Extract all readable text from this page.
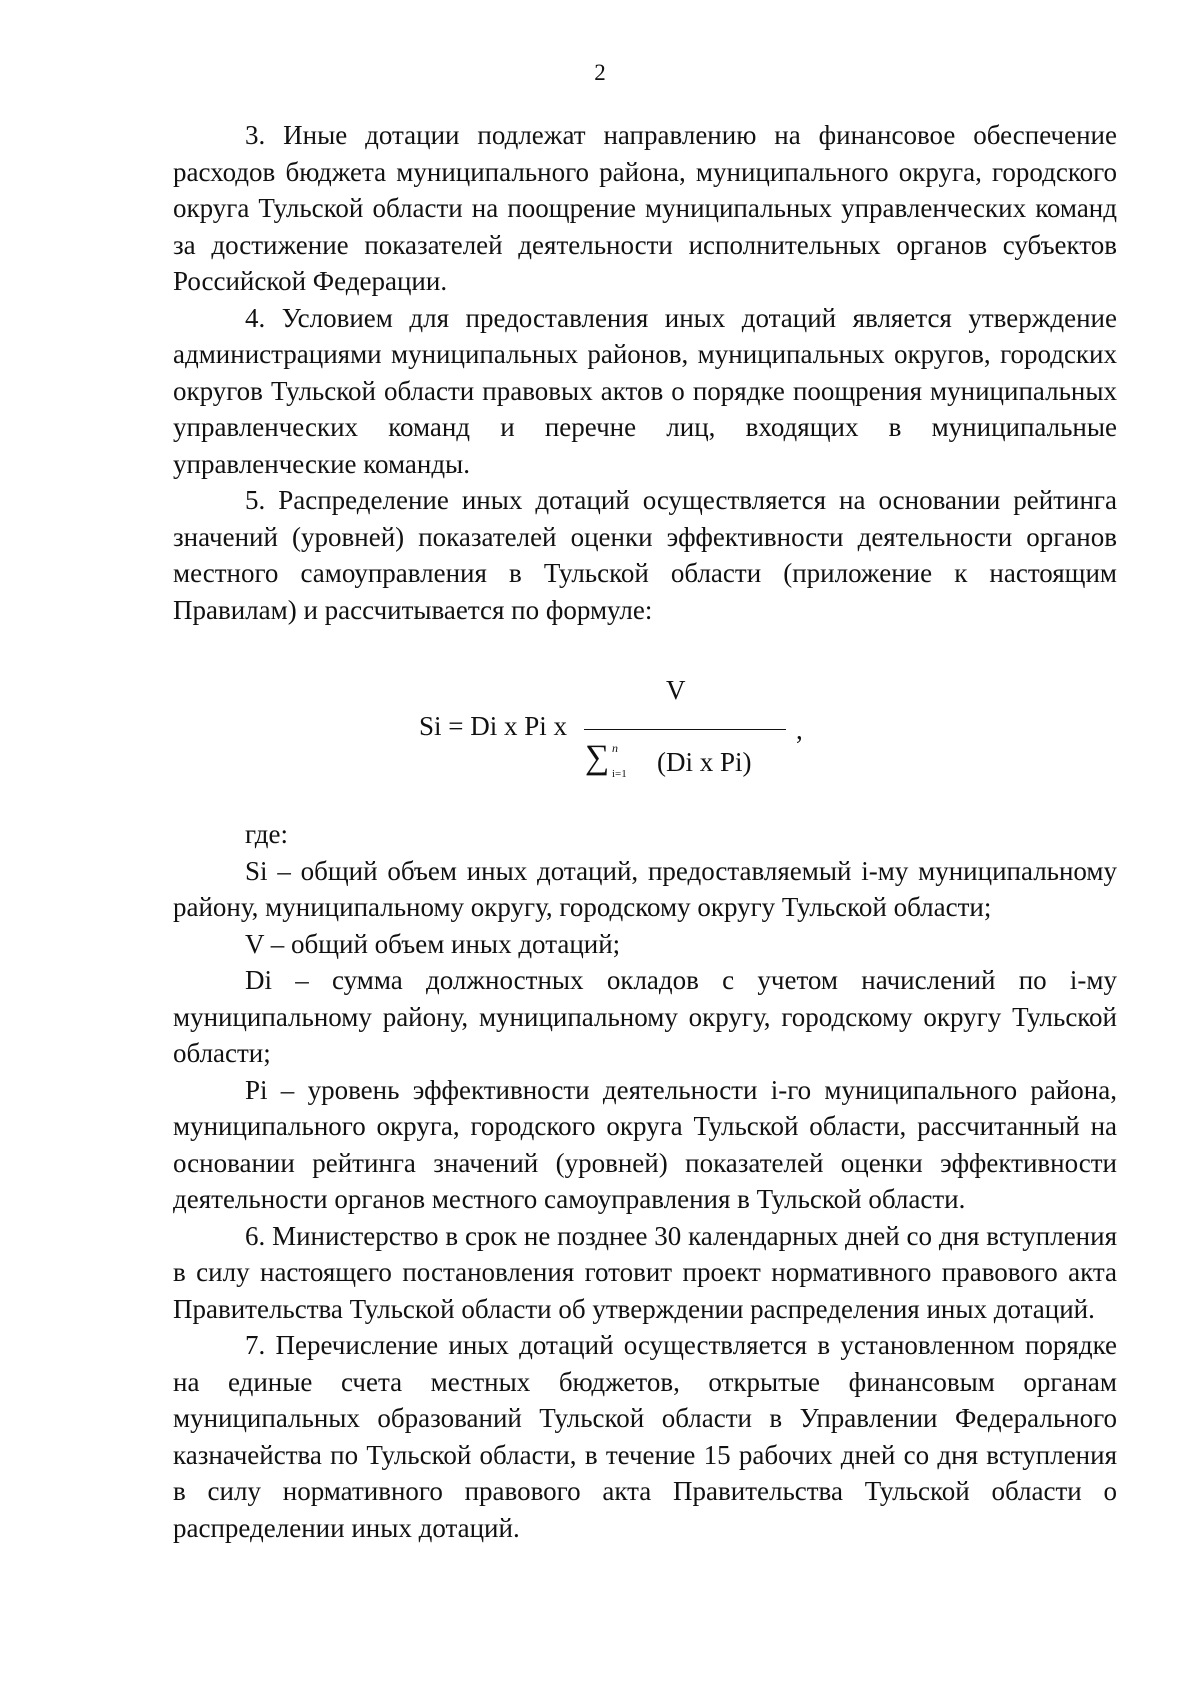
2

3. Иные дотации подлежат направлению на финансовое обеспечение расходов бюджета муниципального района, муниципального округа, городского округа Тульской области на поощрение муниципальных управленческих команд за достижение показателей деятельности исполнительных органов субъектов Российской Федерации.

4. Условием для предоставления иных дотаций является утверждение администрациями муниципальных районов, муниципальных округов, городских округов Тульской области правовых актов о порядке поощрения муниципальных управленческих команд и перечне лиц, входящих в муниципальные управленческие команды.

5. Распределение иных дотаций осуществляется на основании рейтинга значений (уровней) показателей оценки эффективности деятельности органов местного самоуправления в Тульской области (приложение к настоящим Правилам) и рассчитывается по формуле:

Si = Di x Pi x
V
,
∑ n
i=1 (Di x Pi)

где:

Si – общий объем иных дотаций, предоставляемый i-му муниципальному району, муниципальному округу, городскому округу Тульской области;

V – общий объем иных дотаций;

Di – сумма должностных окладов с учетом начислений по i-му муниципальному району, муниципальному округу, городскому округу Тульской области;

Pi – уровень эффективности деятельности i-го муниципального района, муниципального округа, городского округа Тульской области, рассчитанный на основании рейтинга значений (уровней) показателей оценки эффективности деятельности органов местного самоуправления в Тульской области.

6. Министерство в срок не позднее 30 календарных дней со дня вступления в силу настоящего постановления готовит проект нормативного правового акта Правительства Тульской области об утверждении распределения иных дотаций.

7. Перечисление иных дотаций осуществляется в установленном порядке на единые счета местных бюджетов, открытые финансовым органам муниципальных образований Тульской области в Управлении Федерального казначейства по Тульской области, в течение 15 рабочих дней со дня вступления в силу нормативного правового акта Правительства Тульской области о распределении иных дотаций.
